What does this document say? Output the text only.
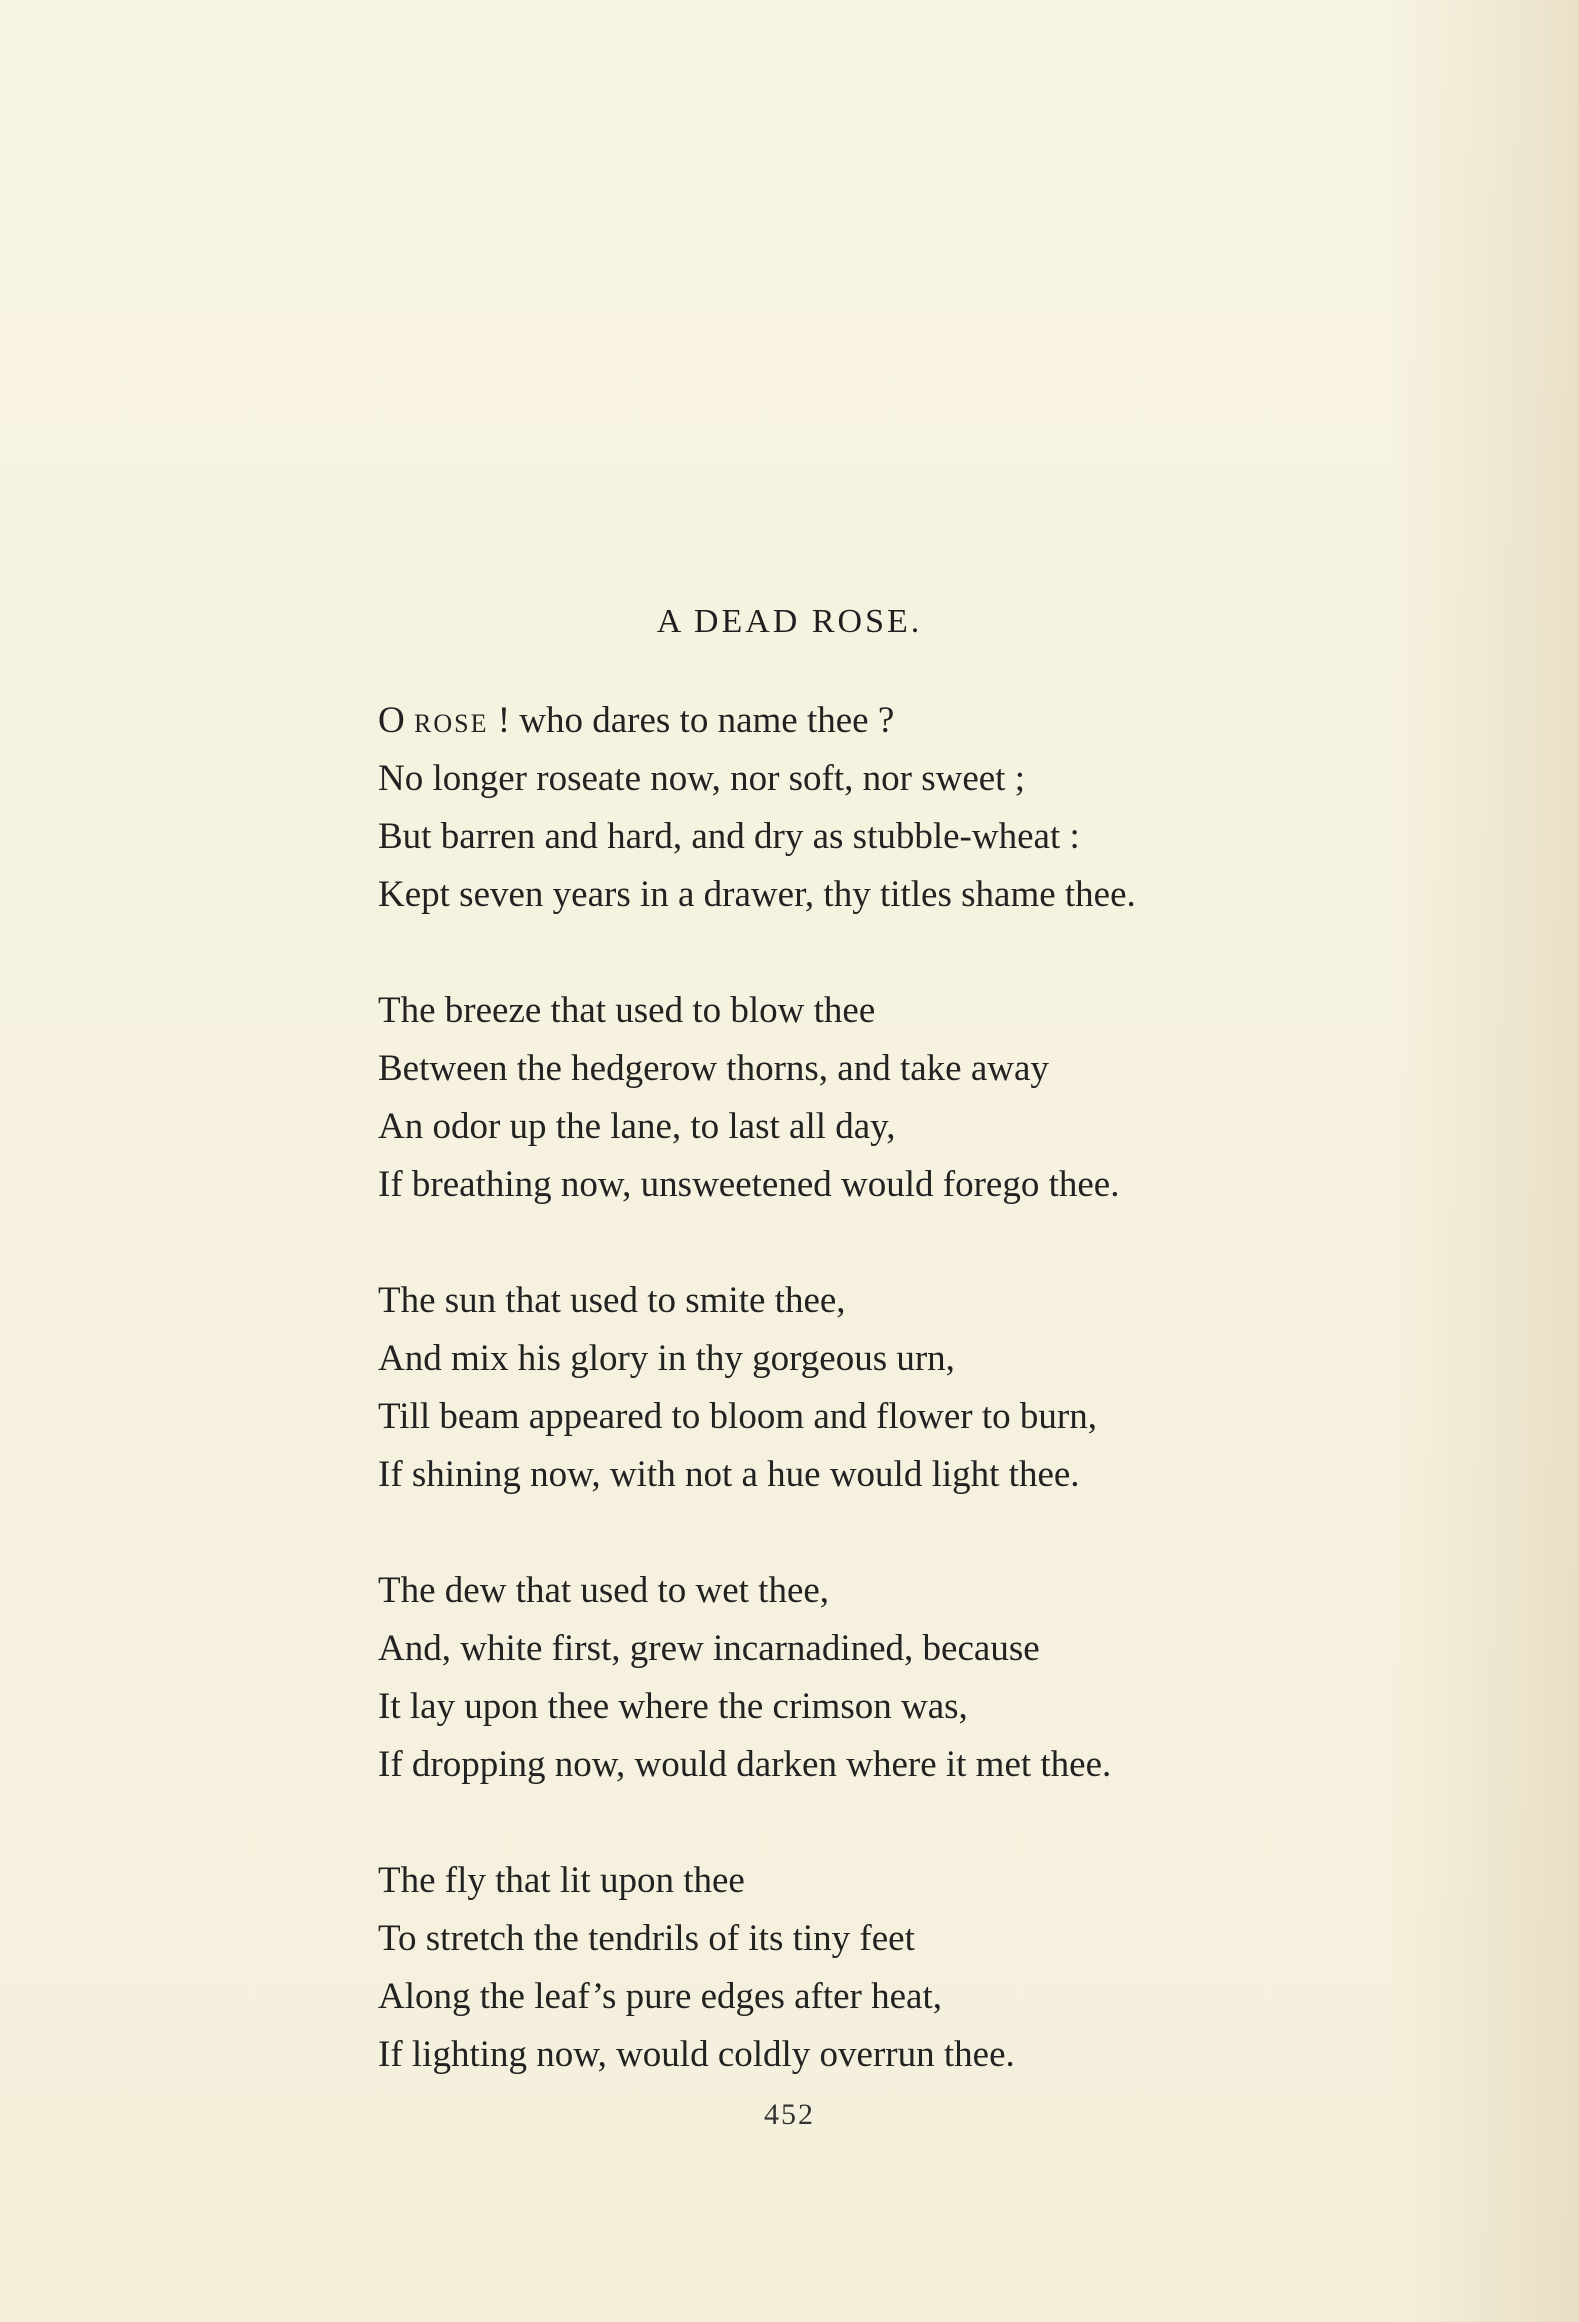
A DEAD ROSE.
O rose ! who dares to name thee ?
No longer roseate now, nor soft, nor sweet ;
But barren and hard, and dry as stubble-wheat :
Kept seven years in a drawer, thy titles shame thee.
The breeze that used to blow thee
Between the hedgerow thorns, and take away
An odor up the lane, to last all day,
If breathing now, unsweetened would forego thee.
The sun that used to smite thee,
And mix his glory in thy gorgeous urn,
Till beam appeared to bloom and flower to burn,
If shining now, with not a hue would light thee.
The dew that used to wet thee,
And, white first, grew incarnadined, because
It lay upon thee where the crimson was,
If dropping now, would darken where it met thee.
The fly that lit upon thee
To stretch the tendrils of its tiny feet
Along the leaf’s pure edges after heat,
If lighting now, would coldly overrun thee.
452
